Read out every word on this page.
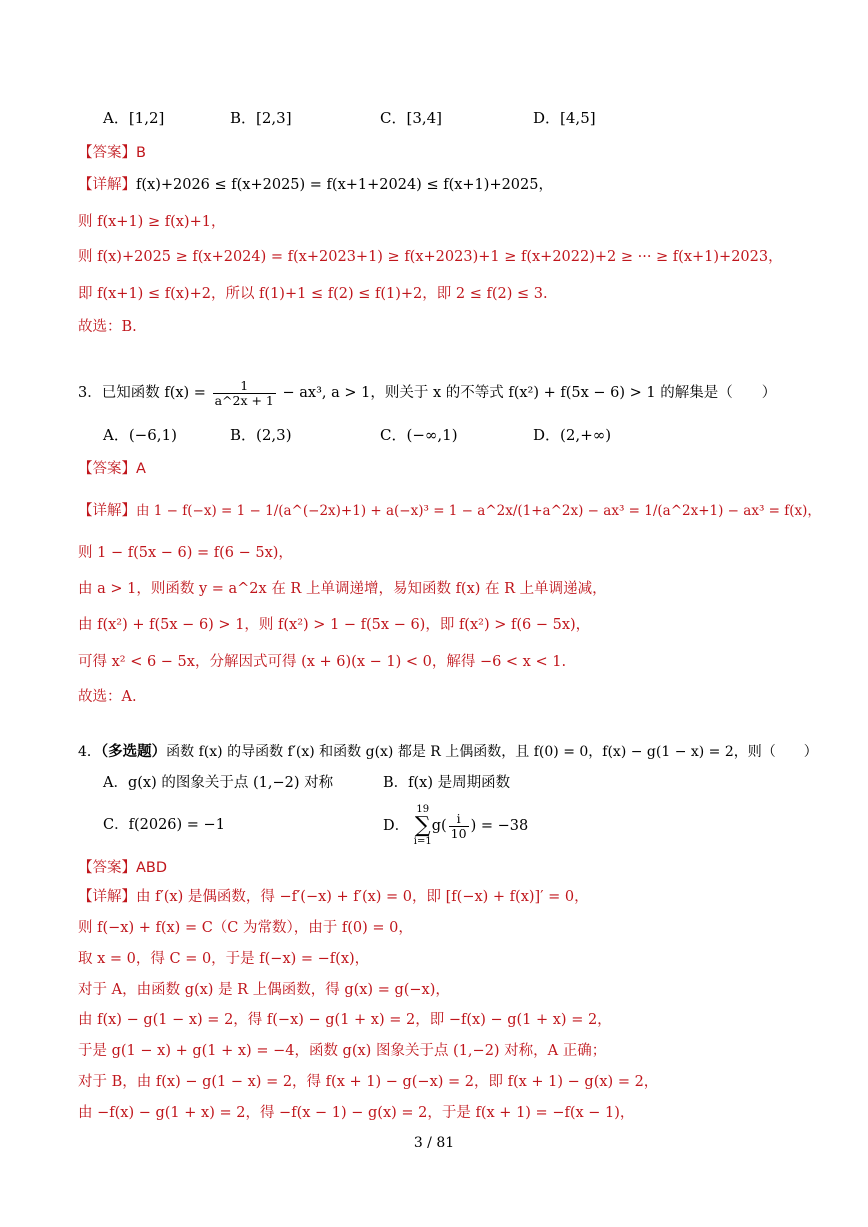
A．[1,2]	B．[2,3]	C．[3,4]	D．[4,5]
【答案】B
【详解】f(x)+2026 ≤ f(x+2025) = f(x+1+2024) ≤ f(x+1)+2025，
则 f(x+1) ≥ f(x)+1，
则 f(x)+2025 ≥ f(x+2024) = f(x+2023+1) ≥ f(x+2023)+1 ≥ f(x+2022)+2 ≥ ··· ≥ f(x+1)+2023，
即 f(x+1) ≤ f(x)+2，所以 f(1)+1 ≤ f(2) ≤ f(1)+2，即 2 ≤ f(2) ≤ 3.
故选：B.
3．已知函数 $f(x) = \frac{1}{a\^{}2x + 1} - ax^3$, a > 1，则关于 x 的不等式 f(x²) + f(5x − 6) > 1 的解集是（　　）
A．(−6,1)	B．(2,3)	C．(−∞,1)	D．(2,+∞)
【答案】A
【详解】由 1 − f(−x) = 1 − 1/(a^(−2x)+1) + a(−x)³ = 1 − a^2x/(1+a^2x) − ax³ = 1/(a^2x+1) − ax³ = f(x)，
则 1 − f(5x − 6) = f(6 − 5x)，
由 a > 1，则函数 y = a^2x 在 R 上单调递增，易知函数 f(x) 在 R 上单调递减，
由 f(x²) + f(5x − 6) > 1，则 f(x²) > 1 − f(5x − 6)，即 f(x²) > f(6 − 5x)，
可得 x² < 6 − 5x，分解因式可得 (x + 6)(x − 1) < 0，解得 −6 < x < 1.
故选：A.
4．（多选题）函数 f(x) 的导函数 f′(x) 和函数 g(x) 都是 R 上偶函数，且 f(0) = 0，f(x) − g(1 − x) = 2，则（　　）
A．g(x) 的图象关于点 (1,−2) 对称	B．f(x) 是周期函数
C．f(2026) = −1	D． 19
∑
$i=1g( \frac{i}{10}$ ) = −38
【答案】ABD
【详解】由 f′(x) 是偶函数，得 −f′(−x) + f′(x) = 0，即 [f(−x) + f(x)]′ = 0，
则 f(−x) + f(x) = C（C 为常数），由于 f(0) = 0，
取 x = 0，得 C = 0，于是 f(−x) = −f(x)，
对于 A，由函数 g(x) 是 R 上偶函数，得 g(x) = g(−x)，
由 f(x) − g(1 − x) = 2，得 f(−x) − g(1 + x) = 2，即 −f(x) − g(1 + x) = 2，
于是 g(1 − x) + g(1 + x) = −4，函数 g(x) 图象关于点 (1,−2) 对称，A 正确；
对于 B，由 f(x) − g(1 − x) = 2，得 f(x + 1) − g(−x) = 2，即 f(x + 1) − g(x) = 2，
由 −f(x) − g(1 + x) = 2，得 −f(x − 1) − g(x) = 2，于是 f(x + 1) = −f(x − 1)，
3 / 81
